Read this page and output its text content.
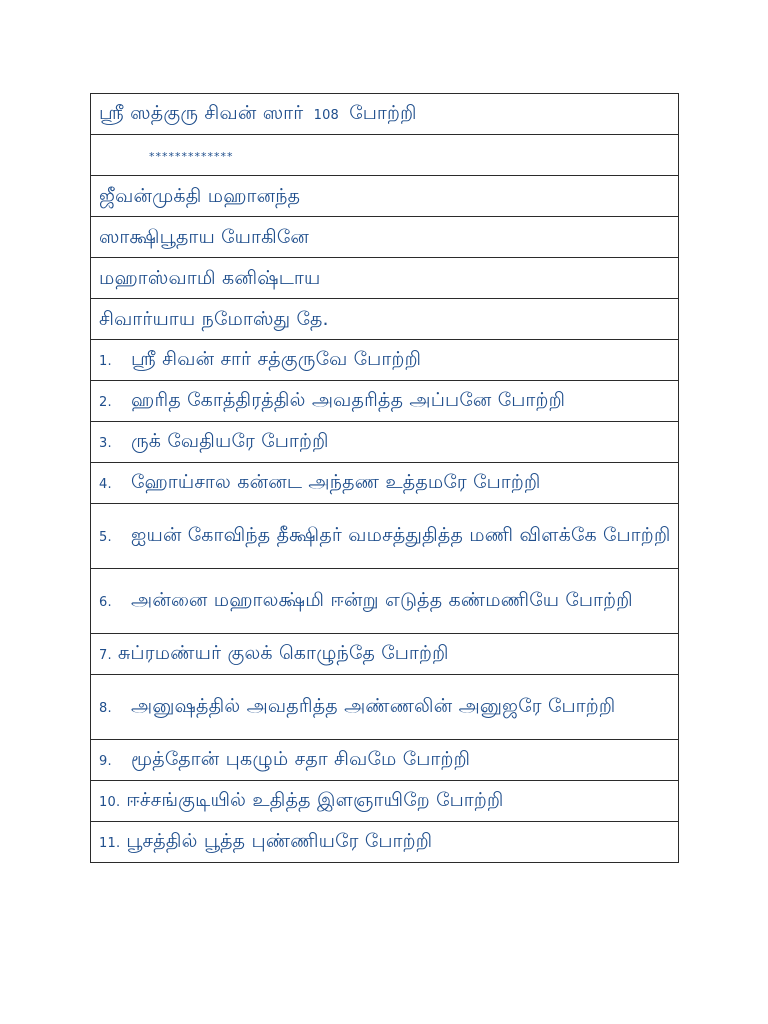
ஸ்ரீ ஸத்குரு சிவன் ஸார் 108 போற்றி
*************
ஜீவன்முக்தி மஹானந்த
ஸாக்ஷிபூதாய யோகினே
மஹாஸ்வாமி கனிஷ்டாய
சிவார்யாய நமோஸ்து தே.
1. ஸ்ரீ சிவன் சார் சத்குருவே போற்றி
2. ஹரித கோத்திரத்தில் அவதரித்த அப்பனே போற்றி
3. ருக் வேதியரே போற்றி
4. ஹோய்சால கன்னட அந்தண உத்தமரே போற்றி
5. ஐயன் கோவிந்த தீக்ஷிதர் வமசத்துதித்த மணி விளக்கே போற்றி
6. அன்னை மஹாலக்ஷ்மி ஈன்று எடுத்த கண்மணியே போற்றி
7. சுப்ரமண்யர் குலக் கொழுந்தே போற்றி
8. அனுஷத்தில் அவதரித்த அண்ணலின் அனுஜரே போற்றி
9. மூத்தோன் புகழும் சதா சிவமே போற்றி
10. ஈச்சங்குடியில் உதித்த இளஞாயிறே போற்றி
11. பூசத்தில் பூத்த புண்ணியரே போற்றி
